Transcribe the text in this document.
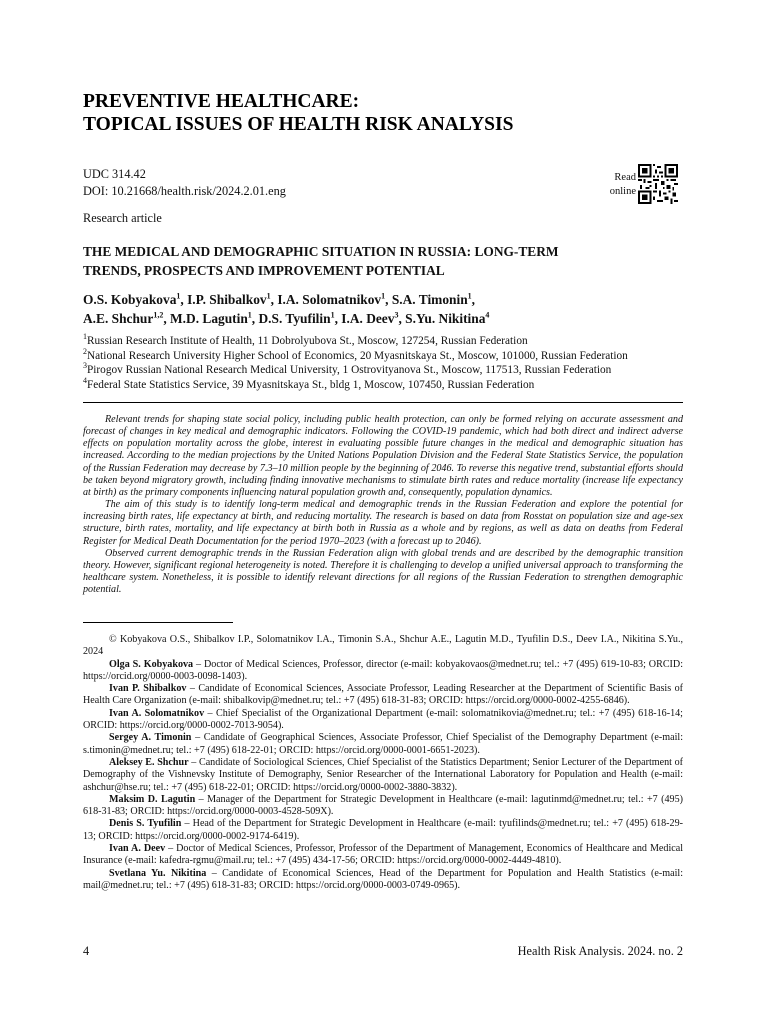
PREVENTIVE HEALTHCARE:
TOPICAL ISSUES OF HEALTH RISK ANALYSIS
UDC 314.42
DOI: 10.21668/health.risk/2024.2.01.eng
Read
online
Research article
THE MEDICAL AND DEMOGRAPHIC SITUATION IN RUSSIA: LONG-TERM
TRENDS, PROSPECTS AND IMPROVEMENT POTENTIAL
O.S. Kobyakova$^1$, I.P. Shibalkov$^1$, I.A. Solomatnikov$^1$, S.A. Timonin$^1$,
A.E. Shchur$^{1,2}$, M.D. Lagutin$^1$, D.S. Tyufilin$^1$, I.A. Deev$^3$, S.Yu. Nikitina$^4$
$^1$Russian Research Institute of Health, 11 Dobrolyubova St., Moscow, 127254, Russian Federation
$^2$National Research University Higher School of Economics, 20 Myasnitskaya St., Moscow, 101000, Russian Federation
$^3$Pirogov Russian National Research Medical University, 1 Ostrovityanova St., Moscow, 117513, Russian Federation
$^4$Federal State Statistics Service, 39 Myasnitskaya St., bldg 1, Moscow, 107450, Russian Federation

Relevant trends for shaping state social policy, including public health protection, can only be formed relying on accurate assessment and forecast of changes in key medical and demographic indicators. Following the COVID-19 pandemic, which had both direct and indirect adverse effects on population mortality across the globe, interest in evaluating possible future changes in the medical and demographic situation has increased. According to the median projections by the United Nations Population Division and the Federal State Statistics Service, the population of the Russian Federation may decrease by 7.3–10 million people by the beginning of 2046. To reverse this negative trend, substantial efforts should be taken beyond migratory growth, including finding innovative mechanisms to stimulate birth rates and reduce mortality (increase life expectancy at birth) as the primary components influencing natural population growth and, consequently, population dynamics.

The aim of this study is to identify long-term medical and demographic trends in the Russian Federation and explore the potential for increasing birth rates, life expectancy at birth, and reducing mortality. The research is based on data from Rosstat on population size and age-sex structure, birth rates, mortality, and life expectancy at birth both in Russia as a whole and by regions, as well as data on deaths from Federal Register for Medical Death Documentation for the period 1970–2023 (with a forecast up to 2046).

Observed current demographic trends in the Russian Federation align with global trends and are described by the demographic transition theory. However, significant regional heterogeneity is noted. Therefore it is challenging to develop a unified universal approach to transforming the healthcare system. Nonetheless, it is possible to identify relevant directions for all regions of the Russian Federation to strengthen demographic potential.

© Kobyakova O.S., Shibalkov I.P., Solomatnikov I.A., Timonin S.A., Shchur A.E., Lagutin M.D., Tyufilin D.S., Deev I.A., Nikitina S.Yu., 2024

Olga S. Kobyakova – Doctor of Medical Sciences, Professor, director (e-mail: kobyakovaos@mednet.ru; tel.: +7 (495) 619-10-83; ORCID: https://orcid.org/0000-0003-0098-1403).

Ivan P. Shibalkov – Candidate of Economical Sciences, Associate Professor, Leading Researcher at the Department of Scientific Basis of Health Care Organization (e-mail: shibalkovip@mednet.ru; tel.: +7 (495) 618-31-83; ORCID: https://orcid.org/0000-0002-4255-6846).

Ivan A. Solomatnikov – Chief Specialist of the Organizational Department (e-mail: solomatnikovia@mednet.ru; tel.: +7 (495) 618-16-14; ORCID: https://orcid.org/0000-0002-7013-9054).

Sergey A. Timonin – Candidate of Geographical Sciences, Associate Professor, Chief Specialist of the Demography Department (e-mail: s.timonin@mednet.ru; tel.: +7 (495) 618-22-01; ORCID: https://orcid.org/0000-0001-6651-2023).

Aleksey E. Shchur – Candidate of Sociological Sciences, Chief Specialist of the Statistics Department; Senior Lecturer of the Department of Demography of the Vishnevsky Institute of Demography, Senior Researcher of the International Laboratory for Population and Health (e-mail: ashchur@hse.ru; tel.: +7 (495) 618-22-01; ORCID: https://orcid.org/0000-0002-3880-3832).

Maksim D. Lagutin – Manager of the Department for Strategic Development in Healthcare (e-mail: lagutinmd@mednet.ru; tel.: +7 (495) 618-31-83; ORCID: https://orcid.org/0000-0003-4528-509X).

Denis S. Tyufilin – Head of the Department for Strategic Development in Healthcare (e-mail: tyufilinds@mednet.ru; tel.: +7 (495) 618-29-13; ORCID: https://orcid.org/0000-0002-9174-6419).

Ivan A. Deev – Doctor of Medical Sciences, Professor, Professor of the Department of Management, Economics of Healthcare and Medical Insurance (e-mail: kafedra-rgmu@mail.ru; tel.: +7 (495) 434-17-56; ORCID: https://orcid.org/0000-0002-4449-4810).

Svetlana Yu. Nikitina – Candidate of Economical Sciences, Head of the Department for Population and Health Statistics (e-mail: mail@mednet.ru; tel.: +7 (495) 618-31-83; ORCID: https://orcid.org/0000-0003-0749-0965).

4	Health Risk Analysis. 2024. no. 2
